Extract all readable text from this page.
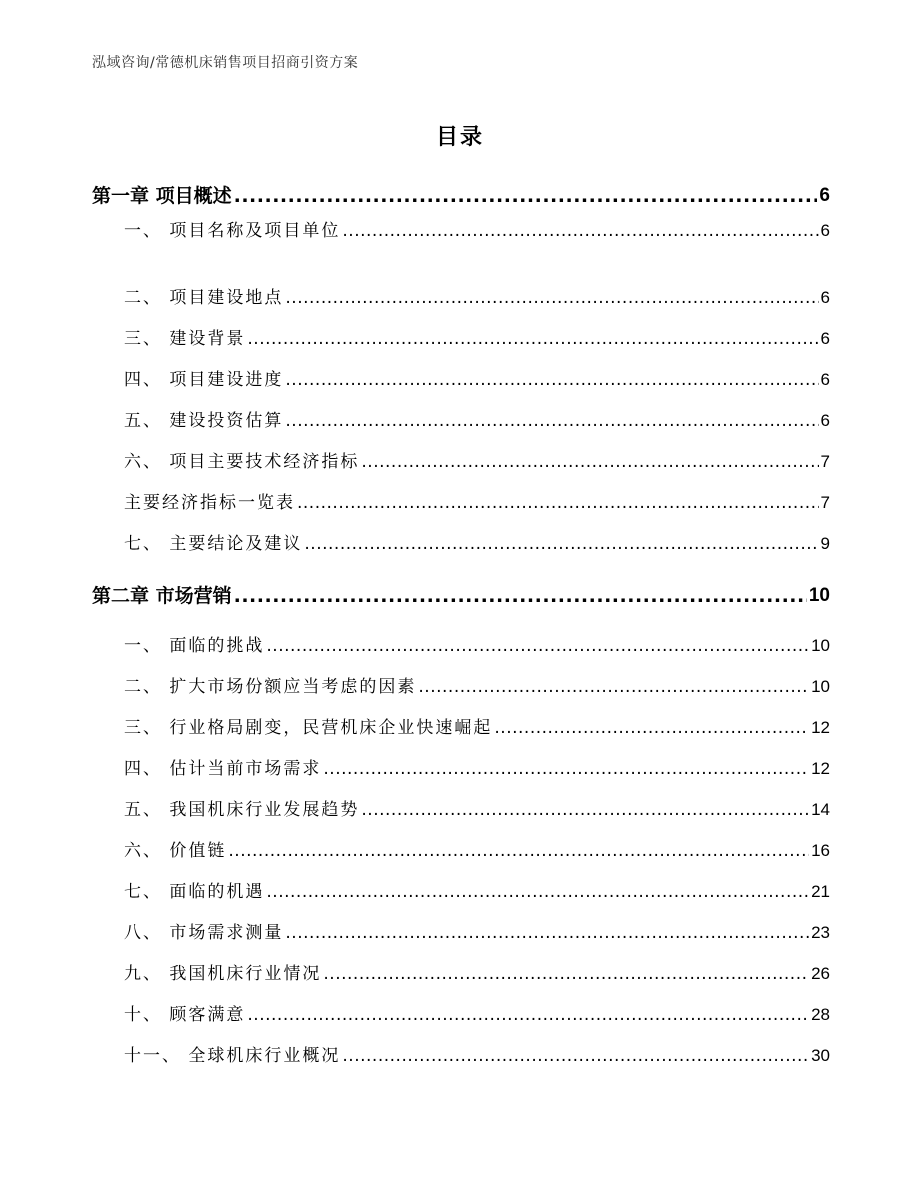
泓域咨询/常德机床销售项目招商引资方案
目录
第一章 项目概述 .....	6
一、 项目名称及项目单位 .....	6
二、 项目建设地点 .....	6
三、 建设背景 .....	6
四、 项目建设进度 .....	6
五、 建设投资估算 .....	6
六、 项目主要技术经济指标 .....	7
主要经济指标一览表 .....	7
七、 主要结论及建议 .....	9
第二章 市场营销 .....	10
一、 面临的挑战 .....	10
二、 扩大市场份额应当考虑的因素 .....	10
三、 行业格局剧变，民营机床企业快速崛起 .....	12
四、 估计当前市场需求 .....	12
五、 我国机床行业发展趋势 .....	14
六、 价值链 .....	16
七、 面临的机遇 .....	21
八、 市场需求测量 .....	23
九、 我国机床行业情况 .....	26
十、 顾客满意 .....	28
十一、 全球机床行业概况 .....	30
